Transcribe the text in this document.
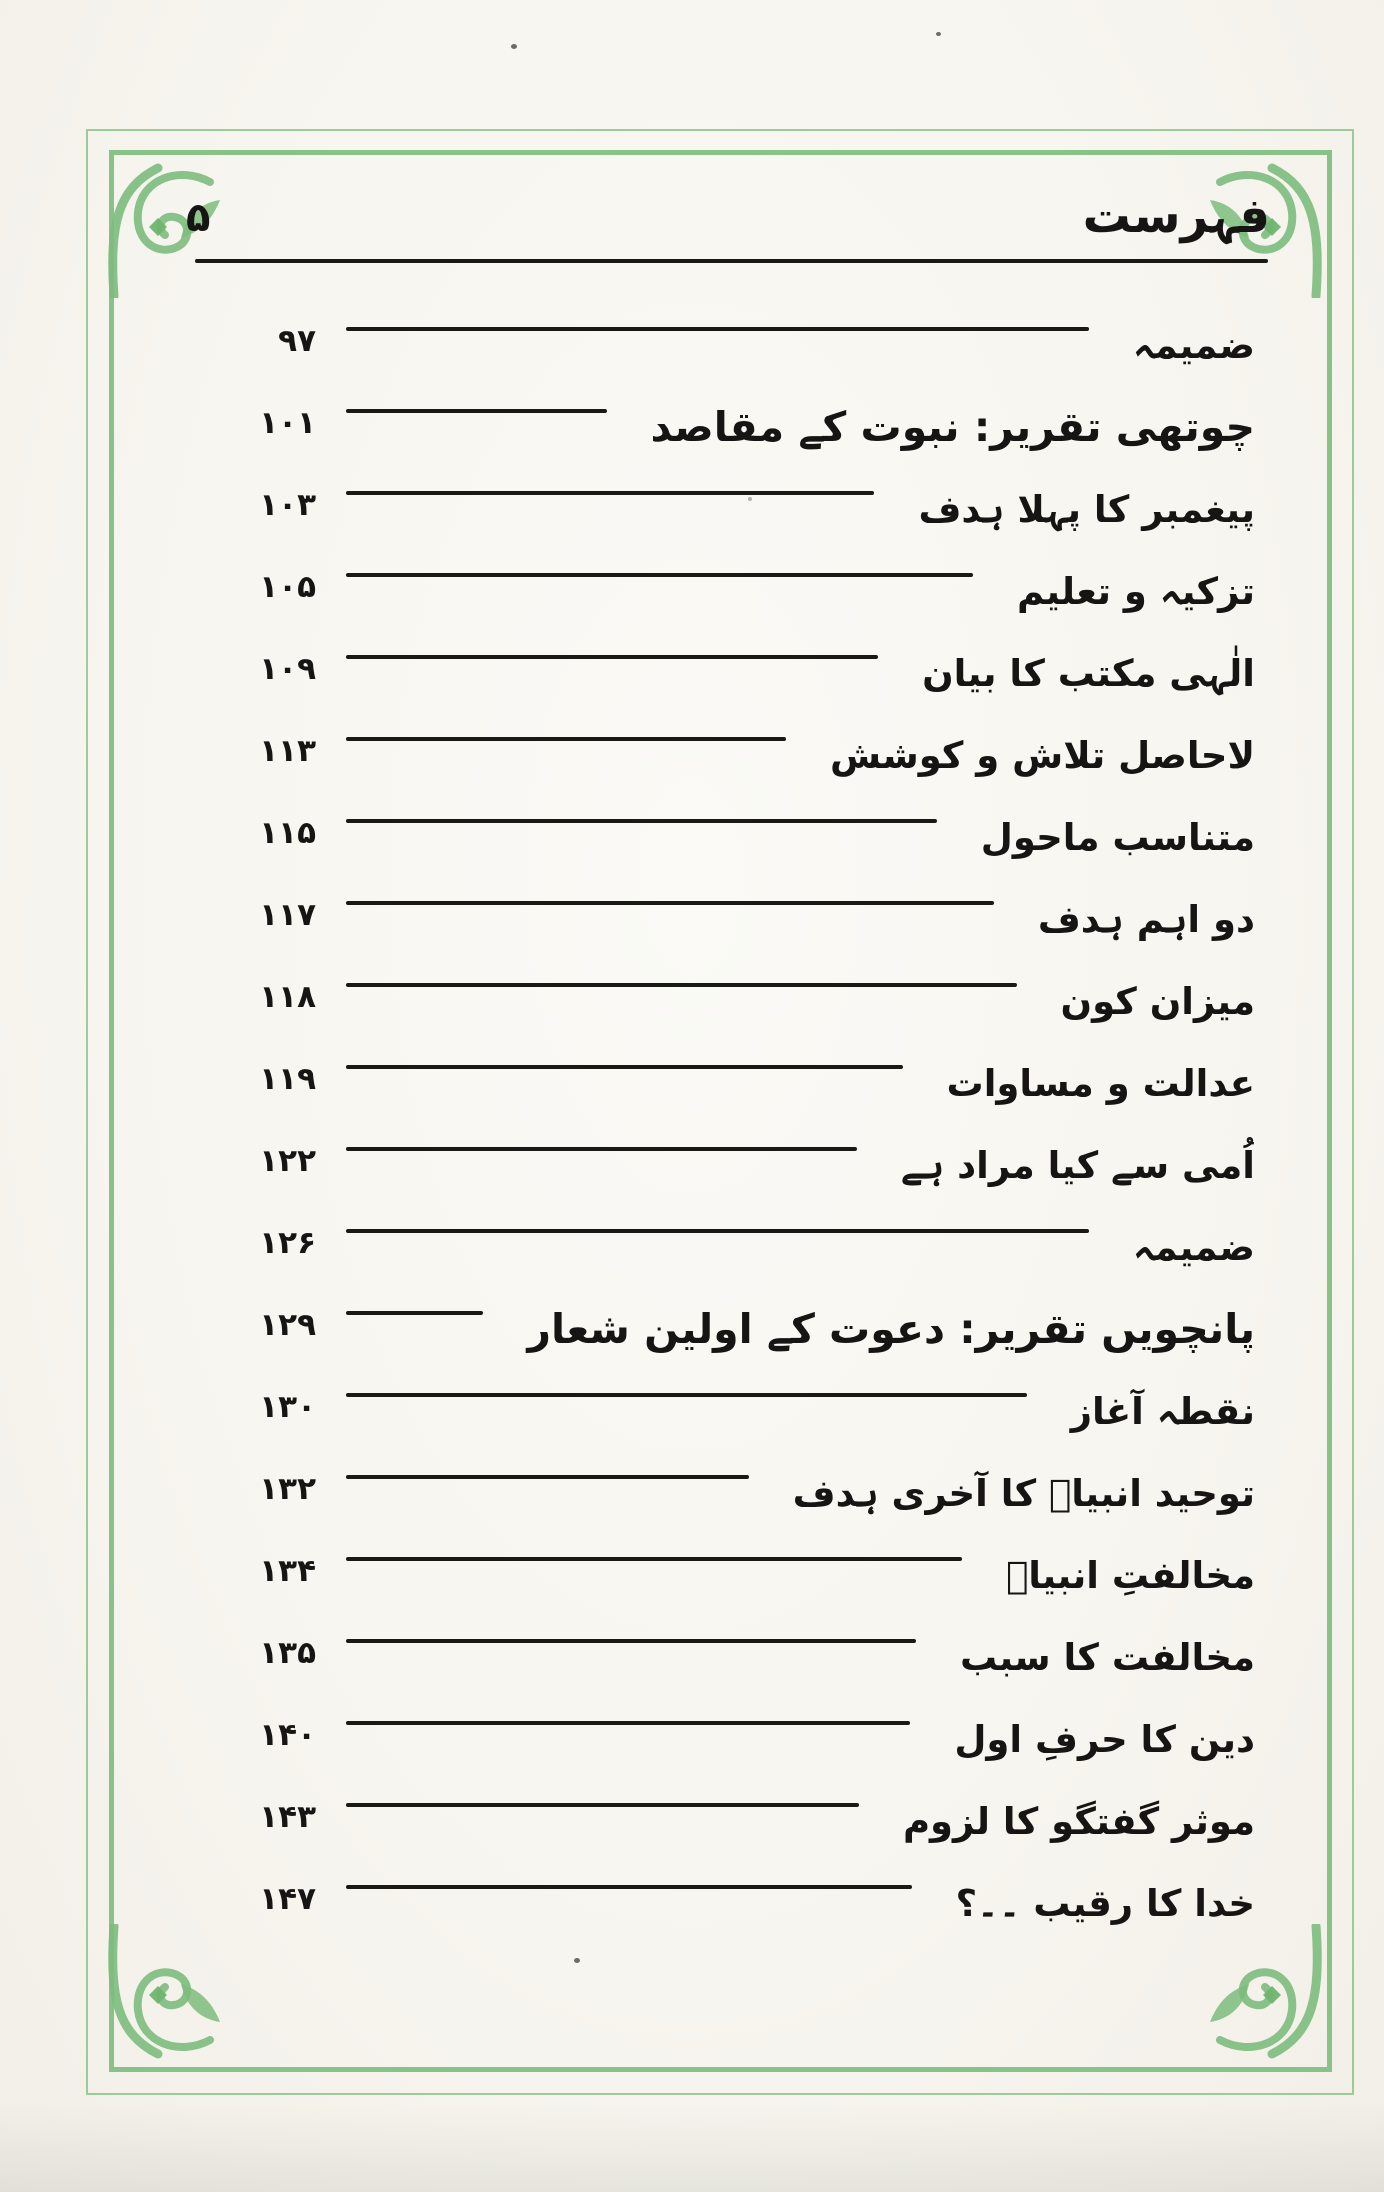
۵	فہرست
۹۷	ضمیمہ
۱۰۱	چوتھی تقریر: نبوت کے مقاصد
۱۰۳	پیغمبر کا پہلا ہدف
۱۰۵	تزکیہ و تعلیم
۱۰۹	الٰہی مکتب کا بیان
۱۱۳	لاحاصل تلاش و کوشش
۱۱۵	متناسب ماحول
۱۱۷	دو اہم ہدف
۱۱۸	میزان کون
۱۱۹	عدالت و مساوات
۱۲۲	اُمی سے کیا مراد ہے
۱۲۶	ضمیمہ
۱۲۹	پانچویں تقریر: دعوت کے اولین شعار
۱۳۰	نقطہ آغاز
۱۳۲	توحید انبیاؑ کا آخری ہدف
۱۳۴	مخالفتِ انبیاؑ
۱۳۵	مخالفت کا سبب
۱۴۰	دین کا حرفِ اول
۱۴۳	موثر گفتگو کا لزوم
۱۴۷	خدا کا رقیب ۔۔؟
